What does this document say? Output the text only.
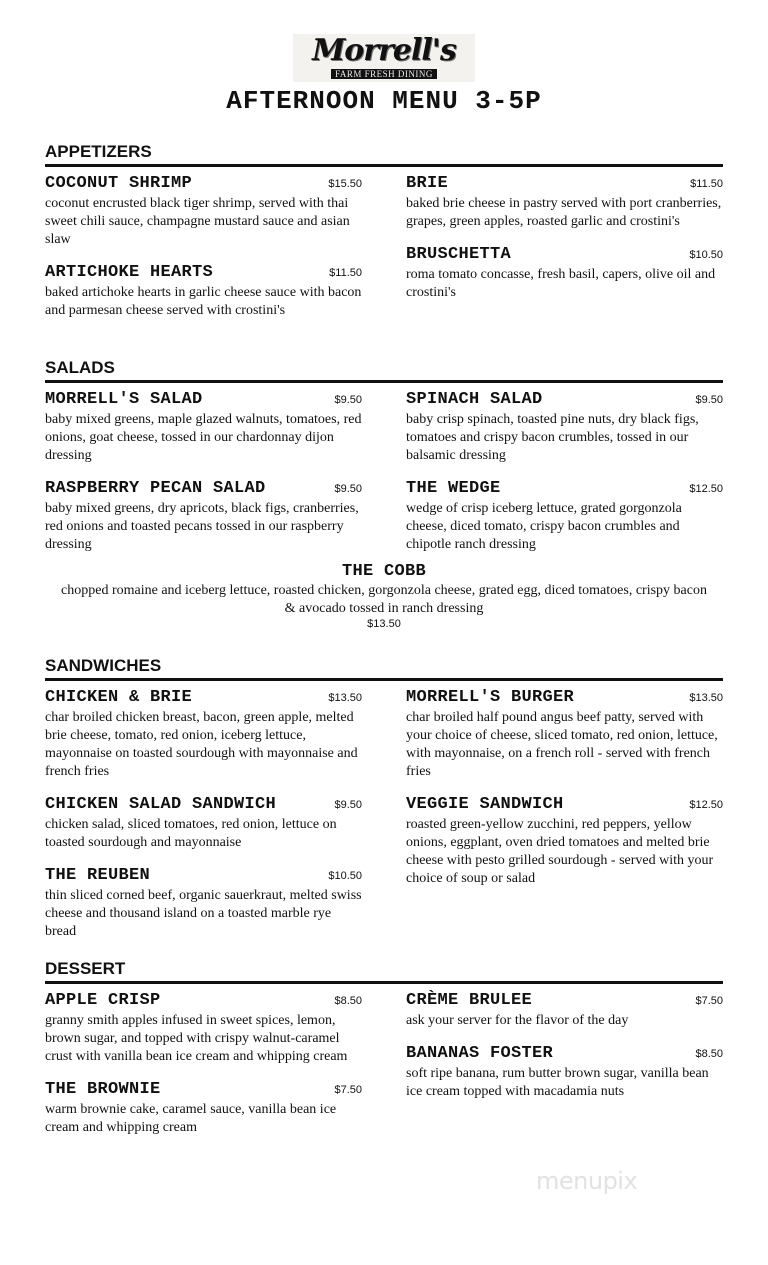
Morrell's
FARM FRESH DINING
AFTERNOON MENU 3-5P
APPETIZERS
COCONUT SHRIMP	$15.50
coconut encrusted black tiger shrimp, served with thai sweet chili sauce, champagne mustard sauce and asian slaw
ARTICHOKE HEARTS	$11.50
baked artichoke hearts in garlic cheese sauce with bacon and parmesan cheese served with crostini's
BRIE	$11.50
baked brie cheese in pastry served with port cranberries, grapes, green apples, roasted garlic and crostini's
BRUSCHETTA	$10.50
roma tomato concasse, fresh basil, capers, olive oil and crostini's
SALADS
MORRELL'S SALAD	$9.50
baby mixed greens, maple glazed walnuts, tomatoes, red onions, goat cheese, tossed in our chardonnay dijon dressing
RASPBERRY PECAN SALAD	$9.50
baby mixed greens, dry apricots, black figs, cranberries, red onions and toasted pecans tossed in our raspberry dressing
SPINACH SALAD	$9.50
baby crisp spinach, toasted pine nuts, dry black figs, tomatoes and crispy bacon crumbles, tossed in our balsamic dressing
THE WEDGE	$12.50
wedge of crisp iceberg lettuce, grated gorgonzola cheese, diced tomato, crispy bacon crumbles and chipotle ranch dressing
SANDWICHES
CHICKEN & BRIE	$13.50
char broiled chicken breast, bacon, green apple, melted brie cheese, tomato, red onion, iceberg lettuce, mayonnaise on toasted sourdough with mayonnaise and french fries
CHICKEN SALAD SANDWICH	$9.50
chicken salad, sliced tomatoes, red onion, lettuce on toasted sourdough and mayonnaise
THE REUBEN	$10.50
thin sliced corned beef, organic sauerkraut, melted swiss cheese and thousand island on a toasted marble rye bread
MORRELL'S BURGER	$13.50
char broiled half pound angus beef patty, served with your choice of cheese, sliced tomato, red onion, lettuce, with mayonnaise, on a french roll - served with french fries
VEGGIE SANDWICH	$12.50
roasted green-yellow zucchini, red peppers, yellow onions, eggplant, oven dried tomatoes and melted brie cheese with pesto grilled sourdough - served with your choice of soup or salad
DESSERT
APPLE CRISP	$8.50
granny smith apples infused in sweet spices, lemon, brown sugar, and topped with crispy walnut-caramel crust with vanilla bean ice cream and whipping cream
THE BROWNIE	$7.50
warm brownie cake, caramel sauce, vanilla bean ice cream and whipping cream
CRÈME BRULEE	$7.50
ask your server for the flavor of the day
BANANAS FOSTER	$8.50
soft ripe banana, rum butter brown sugar, vanilla bean ice cream topped with macadamia nuts
THE COBB
chopped romaine and iceberg lettuce, roasted chicken, gorgonzola cheese, grated egg, diced tomatoes, crispy bacon & avocado tossed in ranch dressing
$13.50
menupix
